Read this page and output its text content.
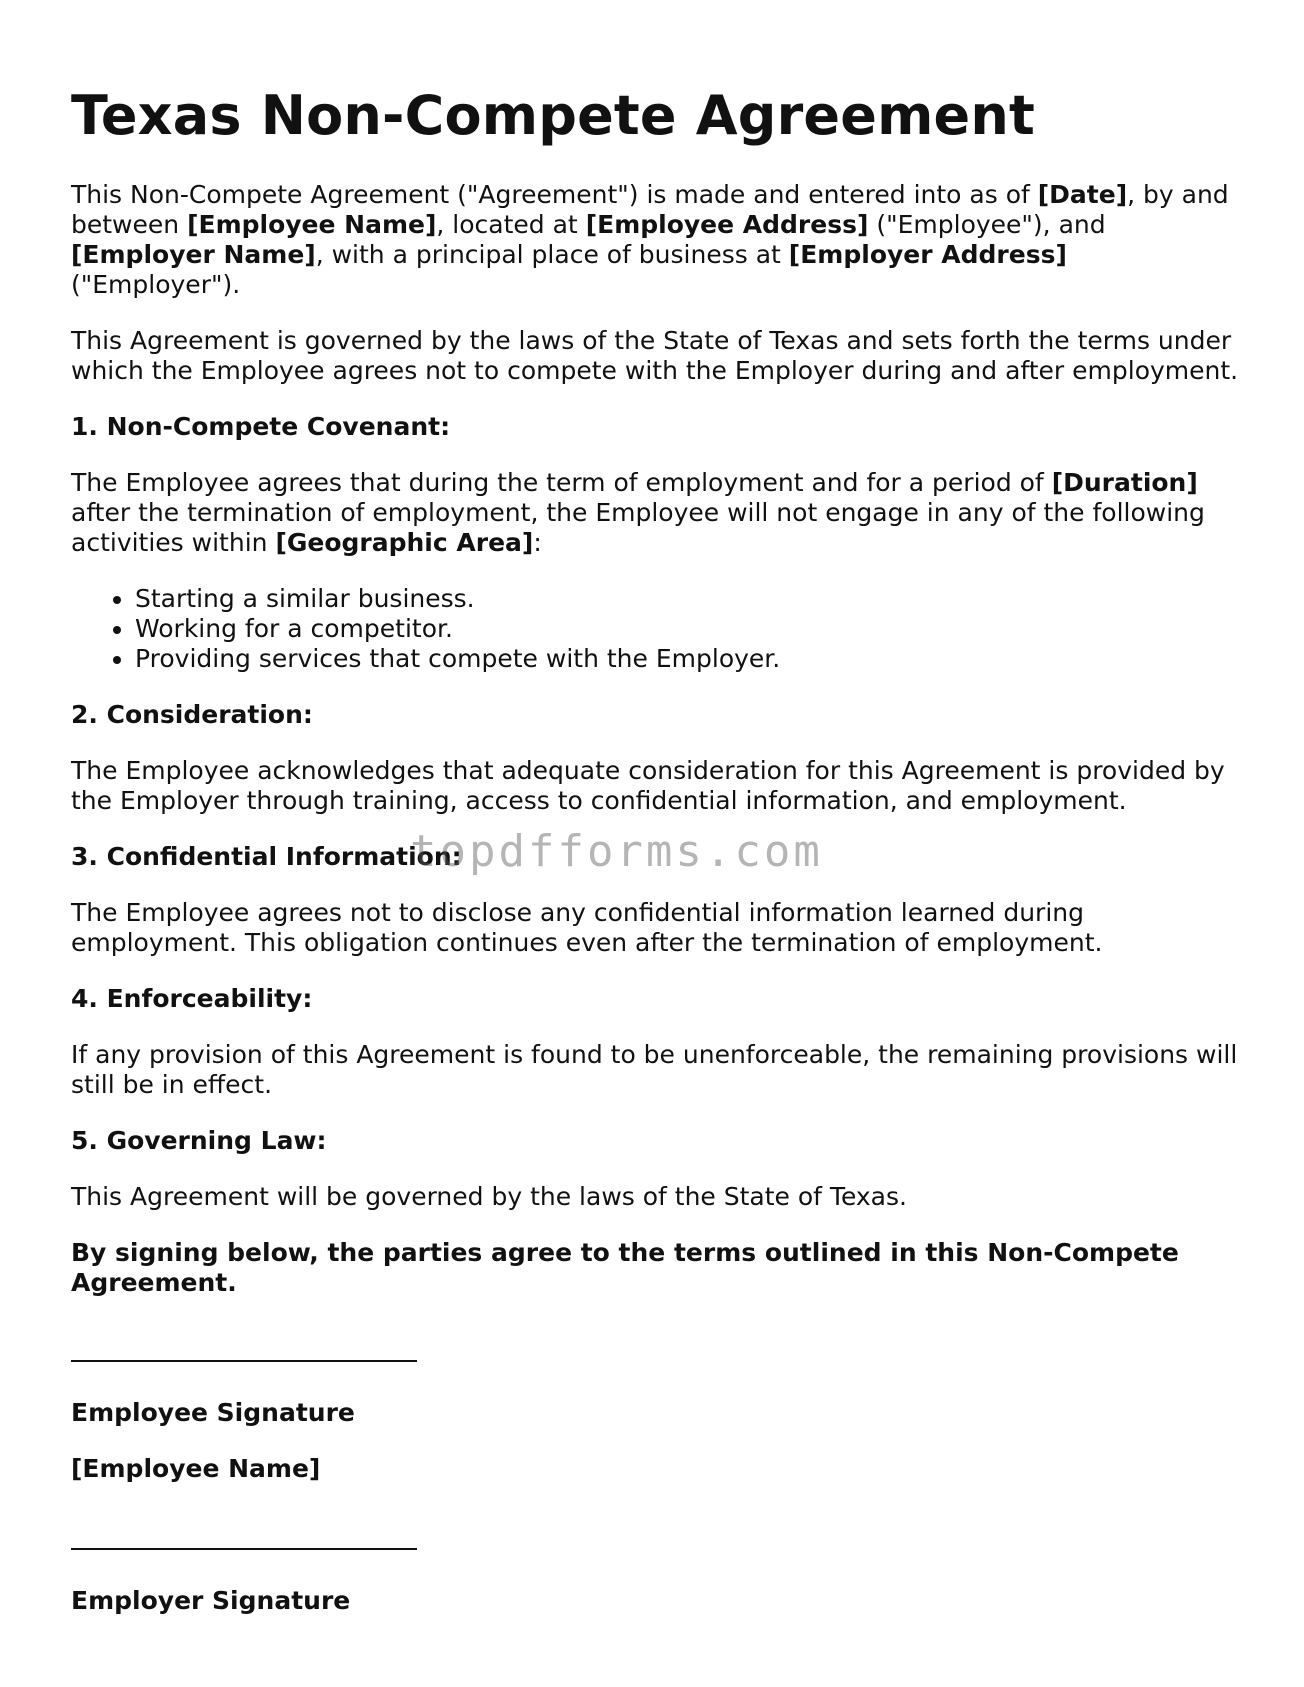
Texas Non-Compete Agreement

This Non-Compete Agreement ("Agreement") is made and entered into as of [Date], by and between [Employee Name], located at [Employee Address] ("Employee"), and [Employer Name], with a principal place of business at [Employer Address] ("Employer").

This Agreement is governed by the laws of the State of Texas and sets forth the terms under which the Employee agrees not to compete with the Employer during and after employment.

1. Non-Compete Covenant:

The Employee agrees that during the term of employment and for a period of [Duration] after the termination of employment, the Employee will not engage in any of the following activities within [Geographic Area]:

• Starting a similar business.
• Working for a competitor.
• Providing services that compete with the Employer.
2. Consideration:

The Employee acknowledges that adequate consideration for this Agreement is provided by the Employer through training, access to confidential information, and employment.

3. Confidential Information:

The Employee agrees not to disclose any confidential information learned during employment. This obligation continues even after the termination of employment.

4. Enforceability:

If any provision of this Agreement is found to be unenforceable, the remaining provisions will still be in effect.

5. Governing Law:

This Agreement will be governed by the laws of the State of Texas.

By signing below, the parties agree to the terms outlined in this Non-Compete Agreement.

Employee Signature

[Employee Name]

Employer Signature

topdfforms.com
